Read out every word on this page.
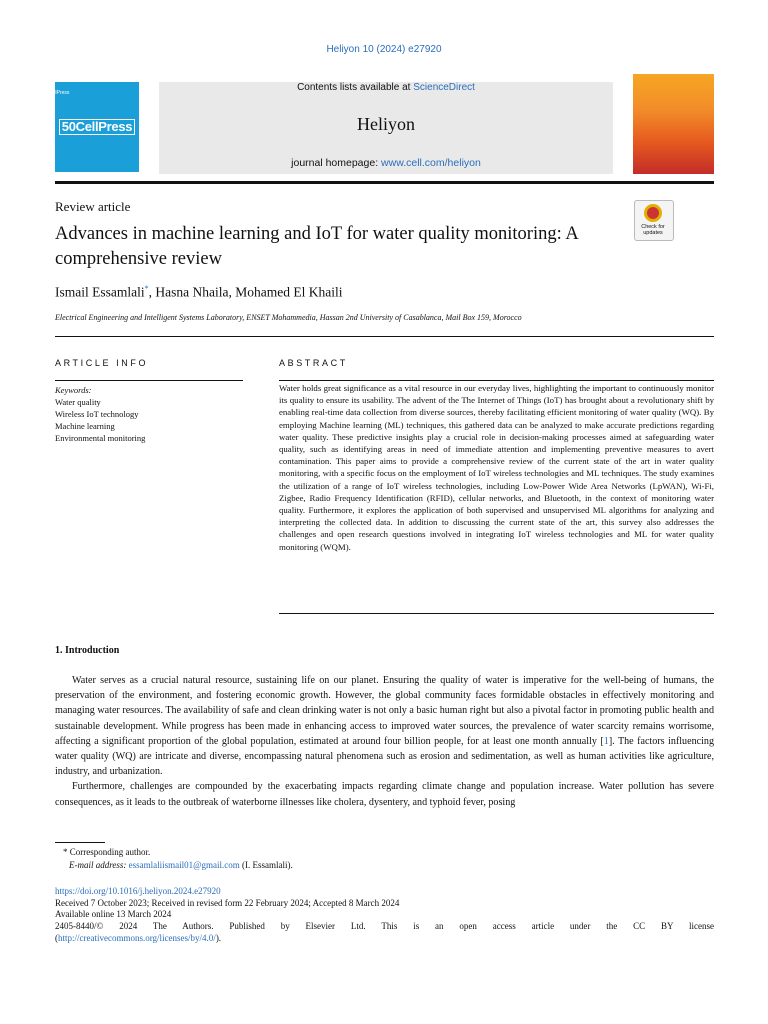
Heliyon 10 (2024) e27920
50CellPress
Contents lists available at ScienceDirect
Heliyon
journal homepage: www.cell.com/heliyon
Heliyon
H
CellPress
Review article
Advances in machine learning and IoT for water quality monitoring: A comprehensive review
Check for updates
Ismail Essamlali*, Hasna Nhaila, Mohamed El Khaili
Electrical Engineering and Intelligent Systems Laboratory, ENSET Mohammedia, Hassan 2nd University of Casablanca, Mail Box 159, Morocco
ARTICLE INFO	ABSTRACT
Keywords:
Water quality
Wireless IoT technology
Machine learning
Environmental monitoring
Water holds great significance as a vital resource in our everyday lives, highlighting the important to continuously monitor its quality to ensure its usability. The advent of the The Internet of Things (IoT) has brought about a revolutionary shift by enabling real-time data collection from diverse sources, thereby facilitating efficient monitoring of water quality (WQ). By employing Machine learning (ML) techniques, this gathered data can be analyzed to make accurate predictions regarding water quality. These predictive insights play a crucial role in decision-making processes aimed at safeguarding water quality, such as identifying areas in need of immediate attention and implementing preventive measures to avert contamination. This paper aims to provide a comprehensive review of the current state of the art in water quality monitoring, with a specific focus on the employment of IoT wireless technologies and ML techniques. The study examines the utilization of a range of IoT wireless technologies, including Low-Power Wide Area Networks (LpWAN), Wi-Fi, Zigbee, Radio Frequency Identification (RFID), cellular networks, and Bluetooth, in the context of monitoring water quality. Furthermore, it explores the application of both supervised and unsupervised ML algorithms for analyzing and interpreting the collected data. In addition to discussing the current state of the art, this survey also addresses the challenges and open research questions involved in integrating IoT wireless technologies and ML for water quality monitoring (WQM).
1. Introduction

Water serves as a crucial natural resource, sustaining life on our planet. Ensuring the quality of water is imperative for the well-being of humans, the preservation of the environment, and fostering economic growth. However, the global community faces formidable obstacles in effectively monitoring and managing water resources. The availability of safe and clean drinking water is not only a basic human right but also a pivotal factor in promoting public health and sustainable development. While progress has been made in enhancing access to improved water sources, the prevalence of water scarcity remains worrisome, affecting a significant proportion of the global population, estimated at around four billion people, for at least one month annually [1]. The factors influencing water quality (WQ) are intricate and diverse, encompassing natural phenomena such as erosion and sedimentation, as well as human activities like agriculture, industry, and urbanization.

Furthermore, challenges are compounded by the exacerbating impacts regarding climate change and population increase. Water pollution has severe consequences, as it leads to the outbreak of waterborne illnesses like cholera, dysentery, and typhoid fever, posing

* Corresponding author.
E-mail address: essamlaliismail01@gmail.com (I. Essamlali).
https://doi.org/10.1016/j.heliyon.2024.e27920
Received 7 October 2023; Received in revised form 22 February 2024; Accepted 8 March 2024
Available online 13 March 2024
2405-8440/© 2024 The Authors. Published by Elsevier Ltd. This is an open access article under the CC BY license
(http://creativecommons.org/licenses/by/4.0/).
